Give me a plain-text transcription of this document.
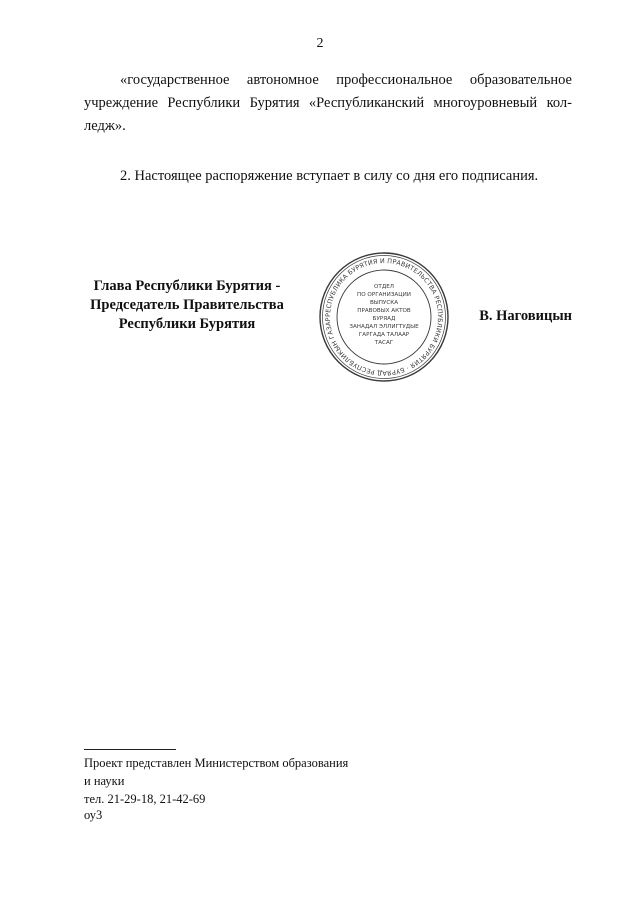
2
«государственное автономное профессиональное образовательное
учреждение Республики Бурятия «Республиканский многоуровневый кол-
ледж».
2. Настоящее распоряжение вступает в силу со дня его подписания.
Глава Республики Бурятия -
Председатель Правительства
Республики Бурятия
РЕСПУБЛИКА БУРЯТИЯ И ПРАВИТЕЛЬСТВА РЕСПУБЛИКИ БУРЯТИЯ · БУРЯАД РЕСПУБЛИКЫН ГАЗАР
ОТДЕЛ
ПО ОРГАНИЗАЦИИ
ВЫПУСКА
ПРАВОВЫХ АКТОВ
БУРЯАД
ЗАНАДАЛ ЭЛЛИГТУДЫЕ
ГАРГАДА ТАЛААР
ТАСАГ
В. Наговицын
Проект представлен Министерством образования
и науки
тел. 21-29-18, 21-42-69
оу3
